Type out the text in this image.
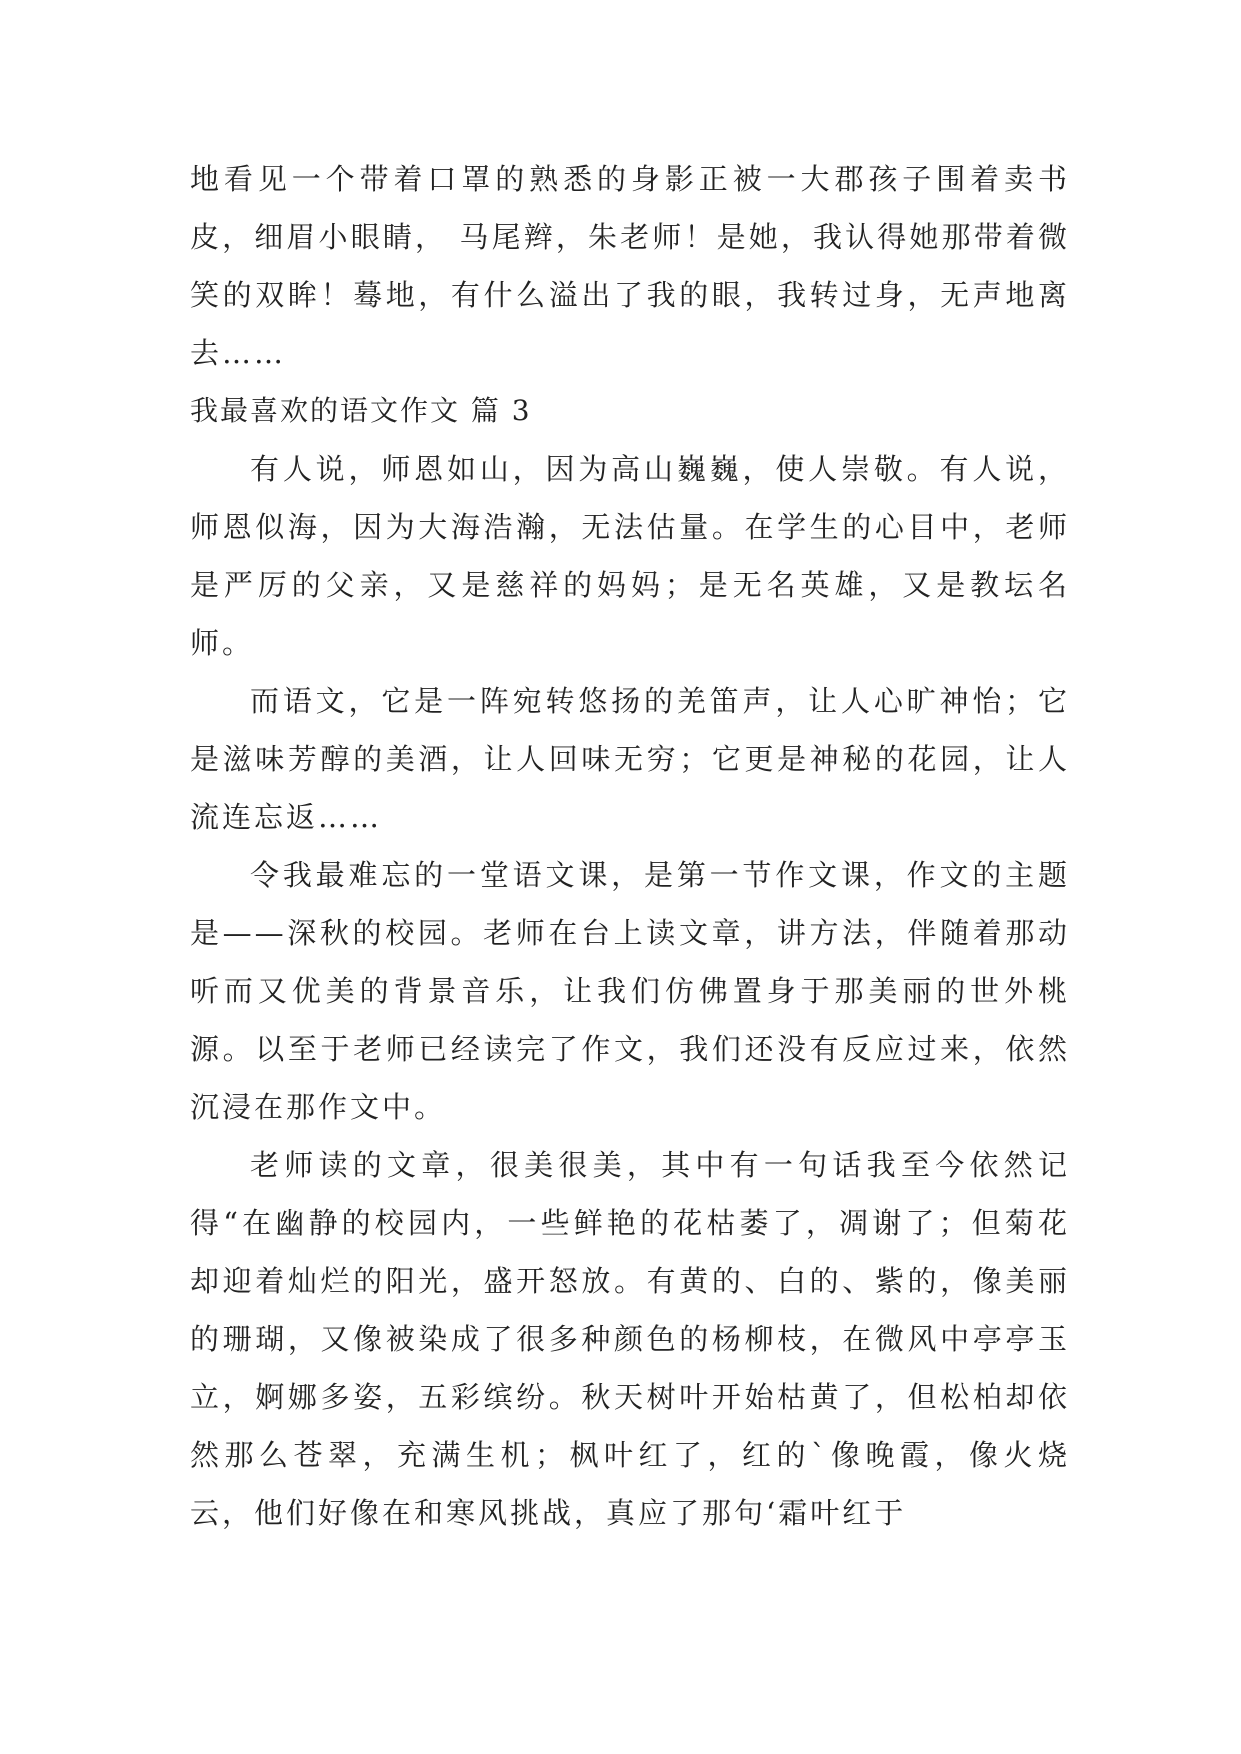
地看见一个带着口罩的熟悉的身影正被一大郡孩子围着卖书皮，细眉小眼睛， 马尾辫，朱老师！是她，我认得她那带着微笑的双眸！蓦地，有什么溢出了我的眼，我转过身，无声地离去……

我最喜欢的语文作文 篇 3

有人说，师恩如山，因为高山巍巍，使人崇敬。有人说，师恩似海，因为大海浩瀚，无法估量。在学生的心目中，老师是严厉的父亲，又是慈祥的妈妈；是无名英雄，又是教坛名师。

而语文，它是一阵宛转悠扬的羌笛声，让人心旷神怡；它是滋味芳醇的美酒，让人回味无穷；它更是神秘的花园，让人流连忘返……

令我最难忘的一堂语文课，是第一节作文课，作文的主题是——深秋的校园。老师在台上读文章，讲方法，伴随着那动听而又优美的背景音乐，让我们仿佛置身于那美丽的世外桃源。以至于老师已经读完了作文，我们还没有反应过来，依然沉浸在那作文中。

老师读的文章，很美很美，其中有一句话我至今依然记得“在幽静的校园内，一些鲜艳的花枯萎了，凋谢了；但菊花却迎着灿烂的阳光，盛开怒放。有黄的、白的、紫的，像美丽的珊瑚，又像被染成了很多种颜色的杨柳枝，在微风中亭亭玉立，婀娜多姿，五彩缤纷。秋天树叶开始枯黄了，但松柏却依然那么苍翠，充满生机；枫叶红了，红的`像晚霞，像火烧云，他们好像在和寒风挑战，真应了那句‘霜叶红于
